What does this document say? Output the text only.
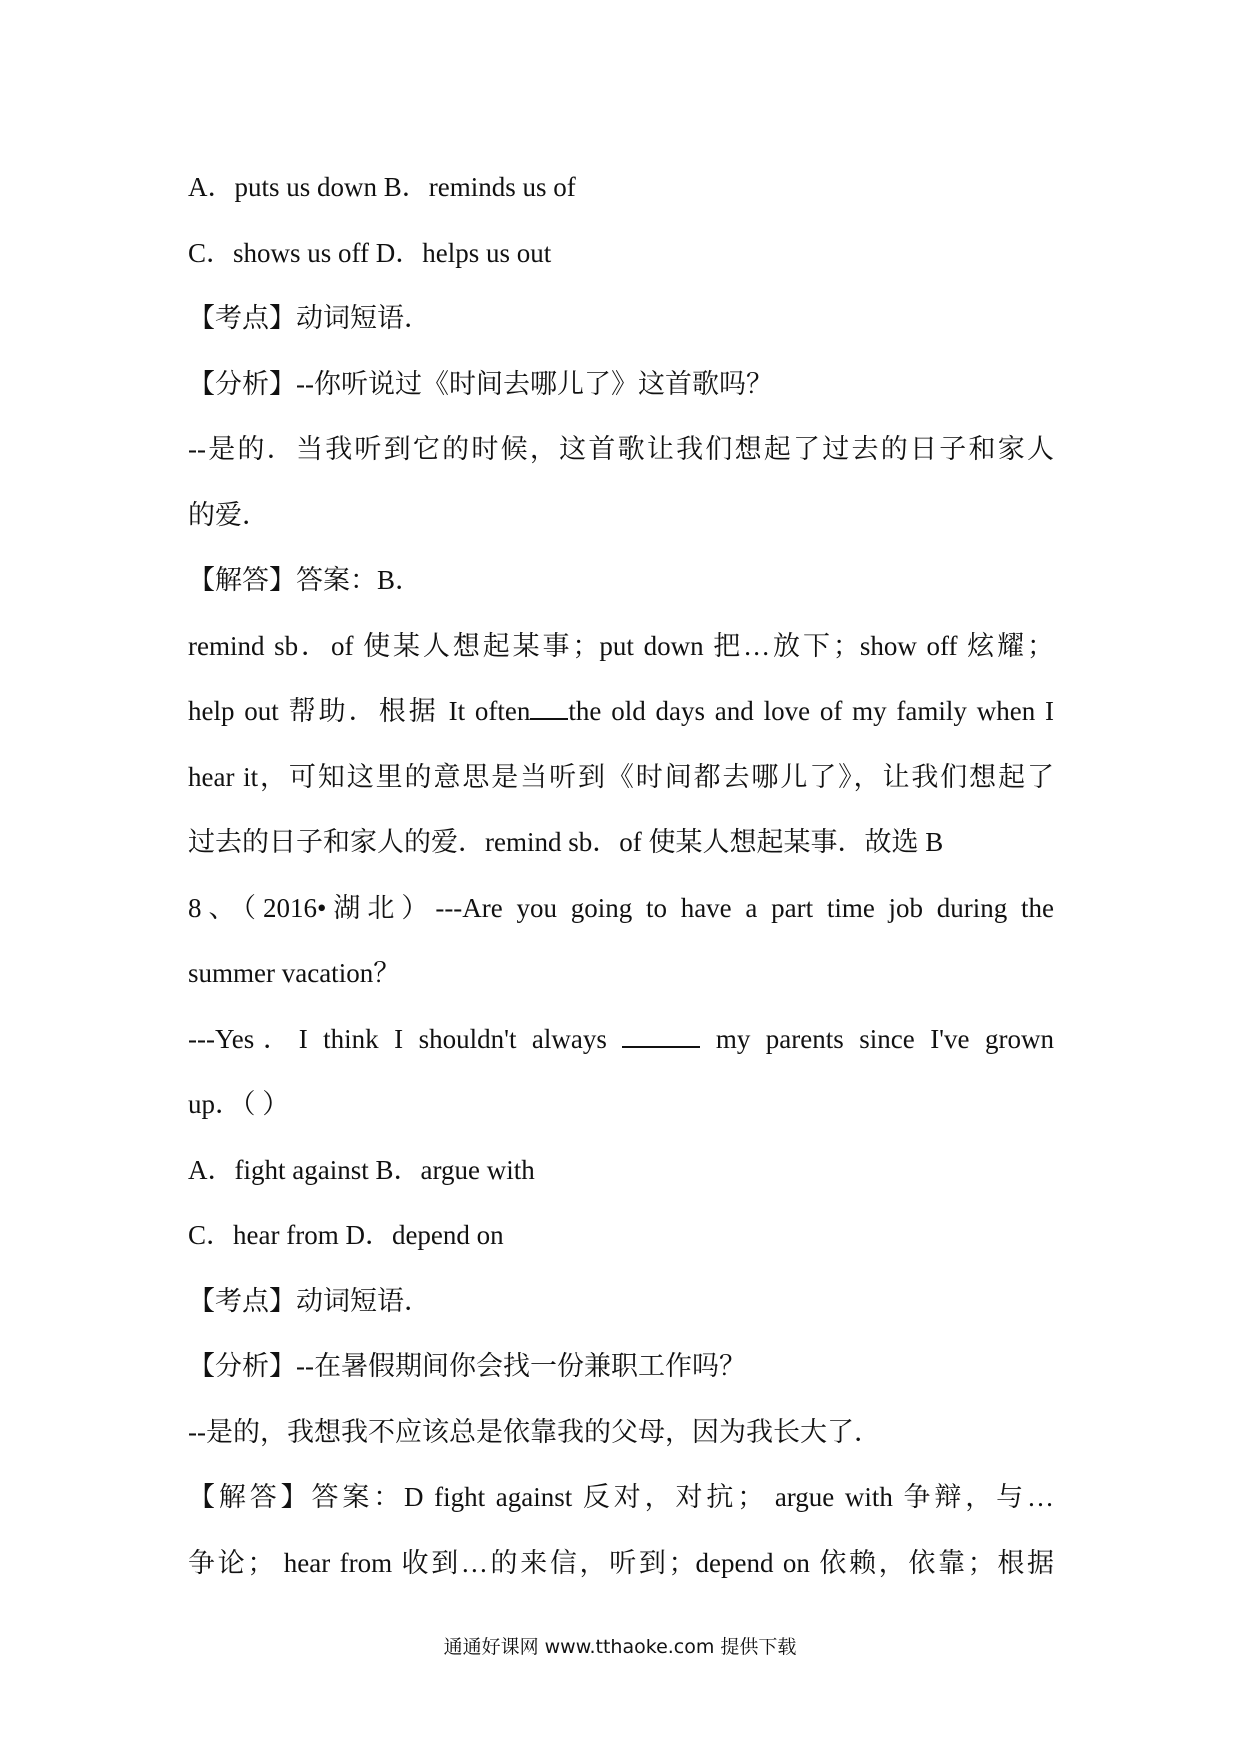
A．puts us down B．reminds us of
C．shows us off D．helps us out
【考点】动词短语．
【分析】--你听说过《时间去哪儿了》这首歌吗？
--是的．当我听到它的时候，这首歌让我们想起了过去的日子和家人
的爱．
【解答】答案：B．
remind sb．of 使某人想起某事；put down 把…放下；show off 炫耀；
help out 帮助．根据 It often the old days and love of my family when I
hear it，可知这里的意思是当听到《时间都去哪儿了》，让我们想起了
过去的日子和家人的爱．remind sb．of 使某人想起某事．故选 B
8、（2016•湖北）---Are you going to have a part time job during the
summer vacation？
---Yes．I think I shouldn't always	my parents since I've grown
up．（ ）
A．fight against B．argue with
C．hear from D．depend on
【考点】动词短语．
【分析】--在暑假期间你会找一份兼职工作吗？
--是的，我想我不应该总是依靠我的父母，因为我长大了．
【解答】答案：D fight against 反对，对抗； argue with 争辩，与…
争论； hear from 收到…的来信，听到；depend on 依赖，依靠；根据
通通好课网 www.tthaoke.com 提供下载
